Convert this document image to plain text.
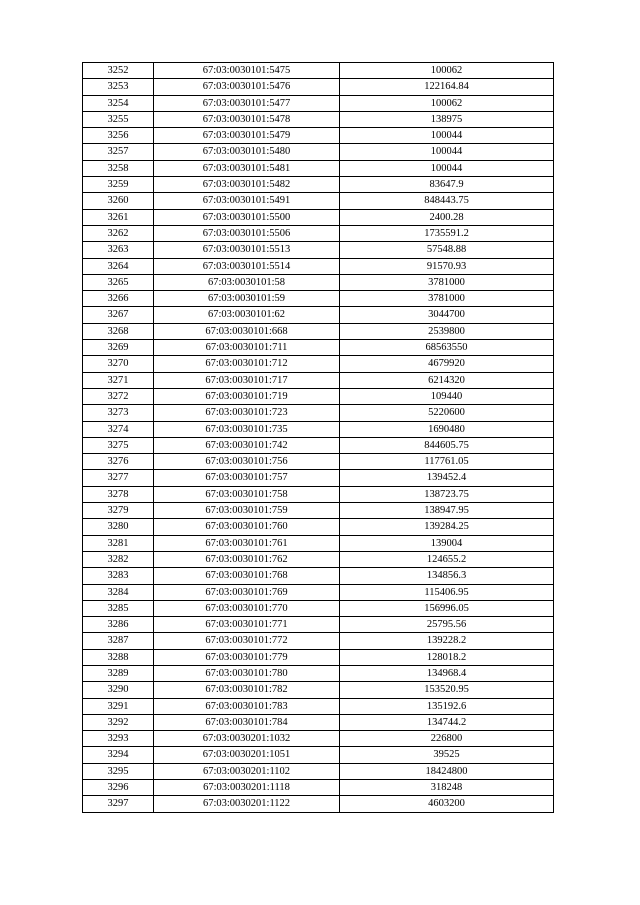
3252	67:03:0030101:5475	100062
3253	67:03:0030101:5476	122164.84
3254	67:03:0030101:5477	100062
3255	67:03:0030101:5478	138975
3256	67:03:0030101:5479	100044
3257	67:03:0030101:5480	100044
3258	67:03:0030101:5481	100044
3259	67:03:0030101:5482	83647.9
3260	67:03:0030101:5491	848443.75
3261	67:03:0030101:5500	2400.28
3262	67:03:0030101:5506	1735591.2
3263	67:03:0030101:5513	57548.88
3264	67:03:0030101:5514	91570.93
3265	67:03:0030101:58	3781000
3266	67:03:0030101:59	3781000
3267	67:03:0030101:62	3044700
3268	67:03:0030101:668	2539800
3269	67:03:0030101:711	68563550
3270	67:03:0030101:712	4679920
3271	67:03:0030101:717	6214320
3272	67:03:0030101:719	109440
3273	67:03:0030101:723	5220600
3274	67:03:0030101:735	1690480
3275	67:03:0030101:742	844605.75
3276	67:03:0030101:756	117761.05
3277	67:03:0030101:757	139452.4
3278	67:03:0030101:758	138723.75
3279	67:03:0030101:759	138947.95
3280	67:03:0030101:760	139284.25
3281	67:03:0030101:761	139004
3282	67:03:0030101:762	124655.2
3283	67:03:0030101:768	134856.3
3284	67:03:0030101:769	115406.95
3285	67:03:0030101:770	156996.05
3286	67:03:0030101:771	25795.56
3287	67:03:0030101:772	139228.2
3288	67:03:0030101:779	128018.2
3289	67:03:0030101:780	134968.4
3290	67:03:0030101:782	153520.95
3291	67:03:0030101:783	135192.6
3292	67:03:0030101:784	134744.2
3293	67:03:0030201:1032	226800
3294	67:03:0030201:1051	39525
3295	67:03:0030201:1102	18424800
3296	67:03:0030201:1118	318248
3297	67:03:0030201:1122	4603200
